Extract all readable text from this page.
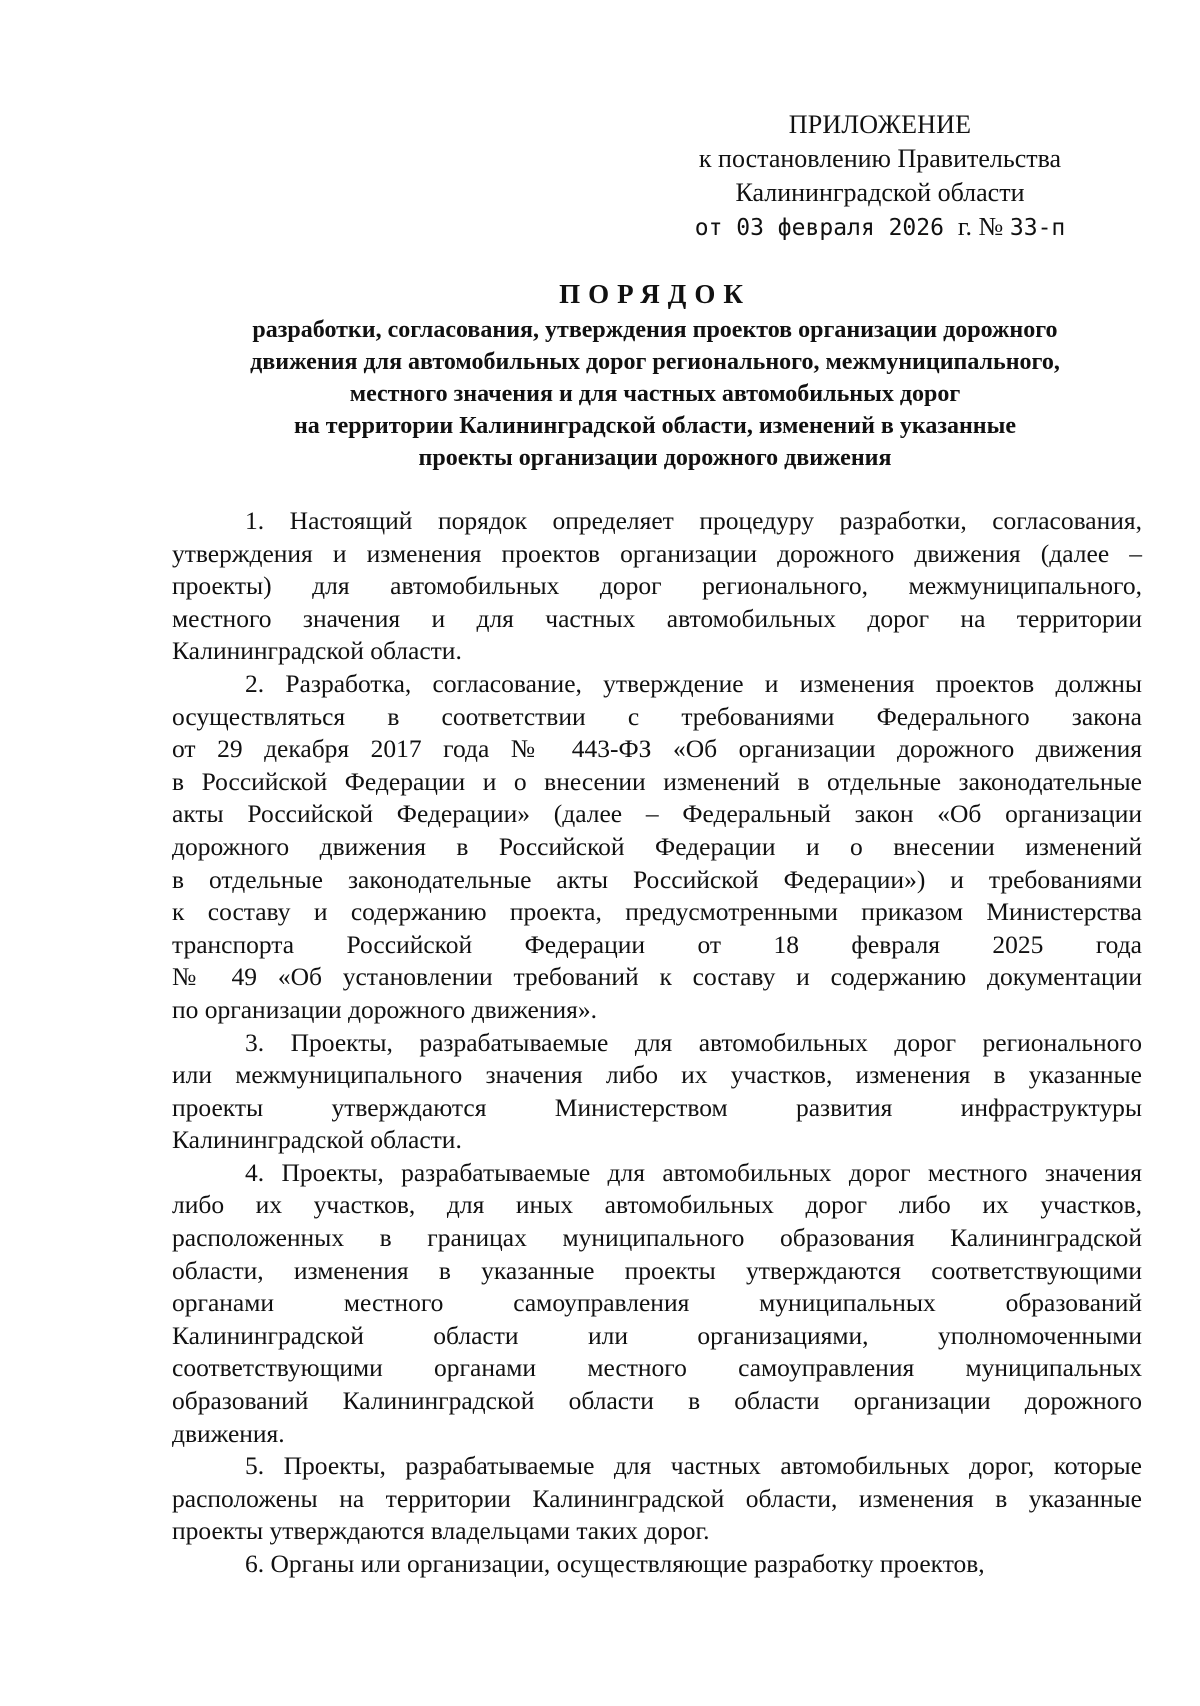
ПРИЛОЖЕНИЕ
к постановлению Правительства
Калининградской области
от 03 февраля 2026 г. № 33-п
ПОРЯДОК
разработки, согласования, утверждения проектов организации дорожного
движения для автомобильных дорог регионального, межмуниципального,
местного значения и для частных автомобильных дорог
на территории Калининградской области, изменений в указанные
проекты организации дорожного движения
1. Настоящий порядок определяет процедуру разработки, согласования,
утверждения и изменения проектов организации дорожного движения (далее –
проекты) для автомобильных дорог регионального, межмуниципального,
местного значения и для частных автомобильных дорог на территории
Калининградской области.
2. Разработка, согласование, утверждение и изменения проектов должны
осуществляться в соответствии с требованиями Федерального закона
от 29 декабря 2017 года № 443-ФЗ «Об организации дорожного движения
в Российской Федерации и о внесении изменений в отдельные законодательные
акты Российской Федерации» (далее – Федеральный закон «Об организации
дорожного движения в Российской Федерации и о внесении изменений
в отдельные законодательные акты Российской Федерации») и требованиями
к составу и содержанию проекта, предусмотренными приказом Министерства
транспорта Российской Федерации от 18 февраля 2025 года
№ 49 «Об установлении требований к составу и содержанию документации
по организации дорожного движения».
3. Проекты, разрабатываемые для автомобильных дорог регионального
или межмуниципального значения либо их участков, изменения в указанные
проекты утверждаются Министерством развития инфраструктуры
Калининградской области.
4. Проекты, разрабатываемые для автомобильных дорог местного значения
либо их участков, для иных автомобильных дорог либо их участков,
расположенных в границах муниципального образования Калининградской
области, изменения в указанные проекты утверждаются соответствующими
органами местного самоуправления муниципальных образований
Калининградской области или организациями, уполномоченными
соответствующими органами местного самоуправления муниципальных
образований Калининградской области в области организации дорожного
движения.
5. Проекты, разрабатываемые для частных автомобильных дорог, которые
расположены на территории Калининградской области, изменения в указанные
проекты утверждаются владельцами таких дорог.
6. Органы или организации, осуществляющие разработку проектов,
